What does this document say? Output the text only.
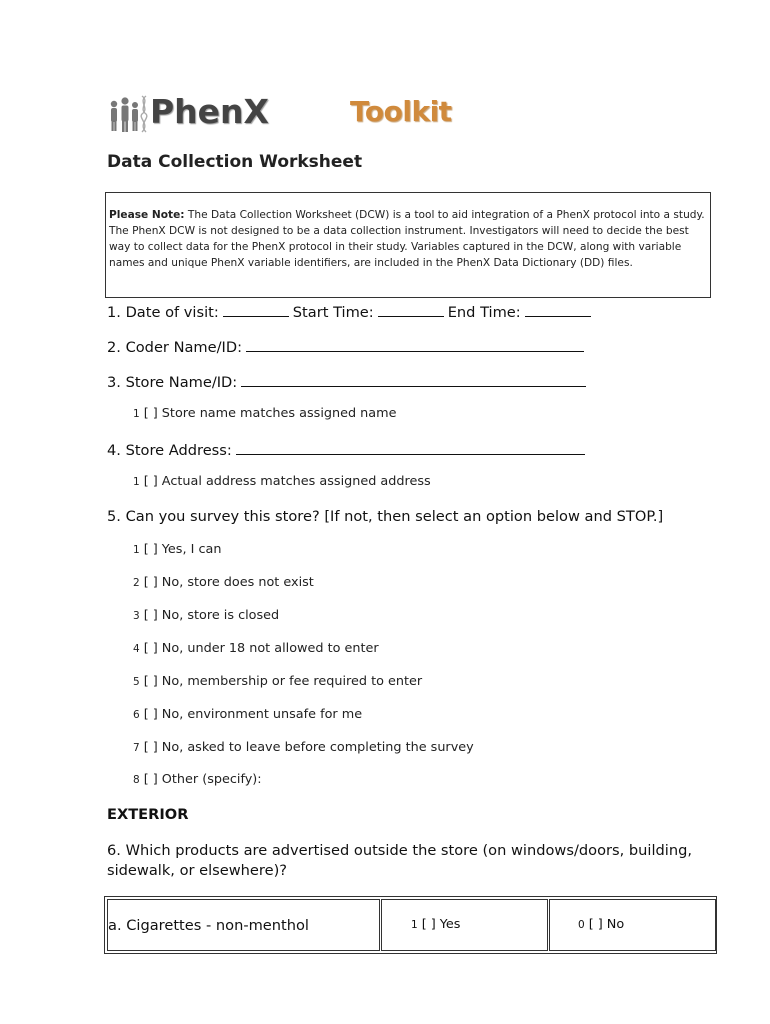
PhenX	Toolkit
Data Collection Worksheet
Please Note: The Data Collection Worksheet (DCW) is a tool to aid integration of a PhenX protocol into a study. The PhenX DCW is not designed to be a data collection instrument. Investigators will need to decide the best way to collect data for the PhenX protocol in their study. Variables captured in the DCW, along with variable names and unique PhenX variable identifiers, are included in the PhenX Data Dictionary (DD) files.
1. Date of visit:	Start Time:	End Time:
2. Coder Name/ID:
3. Store Name/ID:
1 [ ] Store name matches assigned name
4. Store Address:
1 [ ] Actual address matches assigned address
5. Can you survey this store? [If not, then select an option below and STOP.]
1 [ ] Yes, I can
2 [ ] No, store does not exist
3 [ ] No, store is closed
4 [ ] No, under 18 not allowed to enter
5 [ ] No, membership or fee required to enter
6 [ ] No, environment unsafe for me
7 [ ] No, asked to leave before completing the survey
8 [ ] Other (specify):
EXTERIOR
6. Which products are advertised outside the store (on windows/doors, building, sidewalk, or elsewhere)?
a. Cigarettes - non-menthol	1 [ ] Yes	0 [ ] No
